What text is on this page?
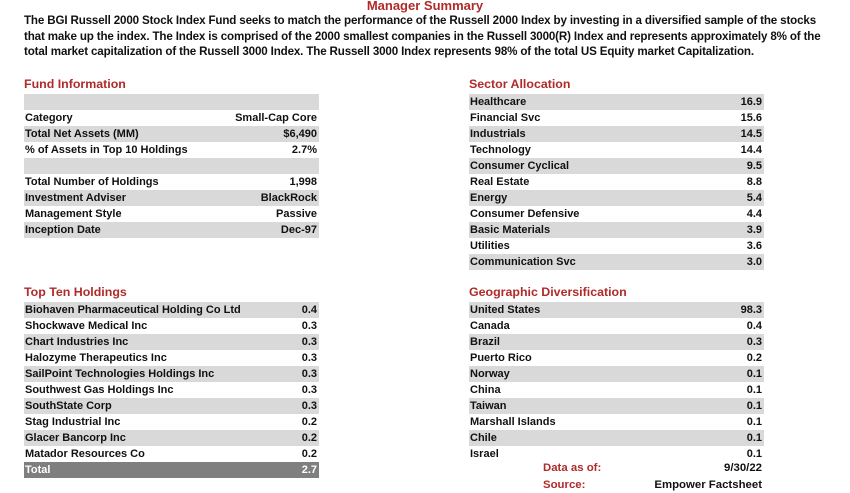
Manager Summary
The BGI Russell 2000 Stock Index Fund seeks to match the performance of the Russell 2000 Index by investing in a diversified sample of the stocks that make up the index. The Index is comprised of the 2000 smallest companies in the Russell 3000(R) Index and represents approximately 8% of the total market capitalization of the Russell 3000 Index. The Russell 3000 Index represents 98% of the total US Equity market Capitalization.
Fund Information
Category	Small-Cap Core
Total Net Assets (MM)	$6,490
% of Assets in Top 10 Holdings	2.7%
Total Number of Holdings	1,998
Investment Adviser	BlackRock
Management Style	Passive
Inception Date	Dec-97
Sector Allocation
Healthcare	16.9
Financial Svc	15.6
Industrials	14.5
Technology	14.4
Consumer Cyclical	9.5
Real Estate	8.8
Energy	5.4
Consumer Defensive	4.4
Basic Materials	3.9
Utilities	3.6
Communication Svc	3.0
Top Ten Holdings
Biohaven Pharmaceutical Holding Co Ltd	0.4
Shockwave Medical Inc	0.3
Chart Industries Inc	0.3
Halozyme Therapeutics Inc	0.3
SailPoint Technologies Holdings Inc	0.3
Southwest Gas Holdings Inc	0.3
SouthState Corp	0.3
Stag Industrial Inc	0.2
Glacer Bancorp Inc	0.2
Matador Resources Co	0.2
Total	2.7
Geographic Diversification
United States	98.3
Canada	0.4
Brazil	0.3
Puerto Rico	0.2
Norway	0.1
China	0.1
Taiwan	0.1
Marshall Islands	0.1
Chile	0.1
Israel	0.1
Data as of:	9/30/22
Source:	Empower Factsheet
